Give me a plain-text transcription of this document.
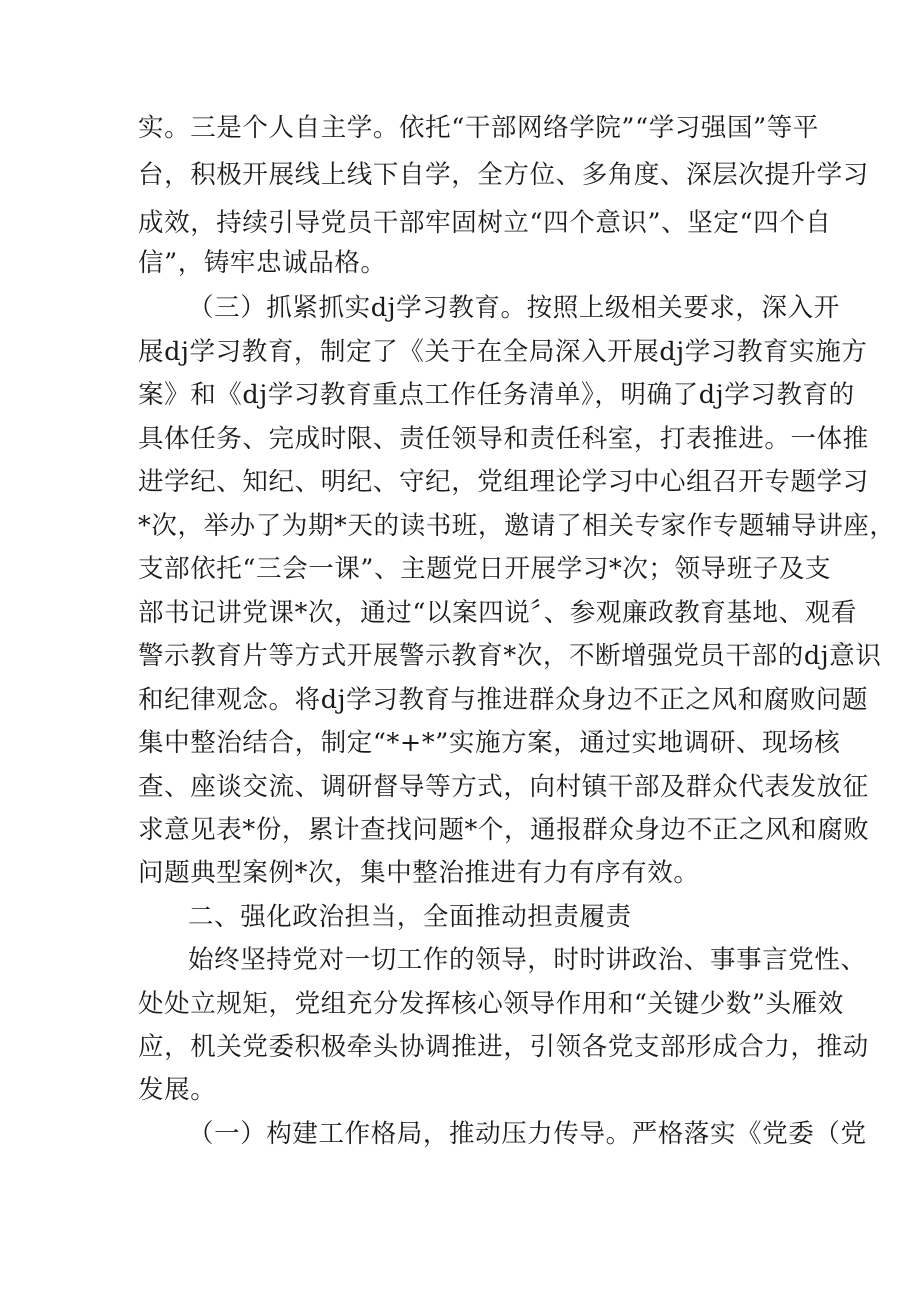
实。三是个人自主学。依托“干部网络学院”“学习强国”等平
台，积极开展线上线下自学，全方位、多角度、深层次提升学习
成效，持续引导党员干部牢固树立“四个意识”、坚定“四个自
信”，铸牢忠诚品格。
（三）抓紧抓实dj学习教育。按照上级相关要求，深入开
展dj学习教育，制定了《关于在全局深入开展dj学习教育实施方
案》和《dj学习教育重点工作任务清单》，明确了dj学习教育的
具体任务、完成时限、责任领导和责任科室，打表推进。一体推
进学纪、知纪、明纪、守纪，党组理论学习中心组召开专题学习
*次，举办了为期*天的读书班，邀请了相关专家作专题辅导讲座，
支部依托“三会一课”、主题党日开展学习*次；领导班子及支
部书记讲党课*次，通过“以案四说〞、参观廉政教育基地、观看
警示教育片等方式开展警示教育*次，不断增强党员干部的dj意识
和纪律观念。将dj学习教育与推进群众身边不正之风和腐败问题
集中整治结合，制定“*+*”实施方案，通过实地调研、现场核
查、座谈交流、调研督导等方式，向村镇干部及群众代表发放征
求意见表*份，累计查找问题*个，通报群众身边不正之风和腐败
问题典型案例*次，集中整治推进有力有序有效。
二、强化政治担当，全面推动担责履责
始终坚持党对一切工作的领导，时时讲政治、事事言党性、
处处立规矩，党组充分发挥核心领导作用和“关键少数”头雁效
应，机关党委积极牵头协调推进，引领各党支部形成合力，推动
发展。
（一）构建工作格局，推动压力传导。严格落实《党委（党
